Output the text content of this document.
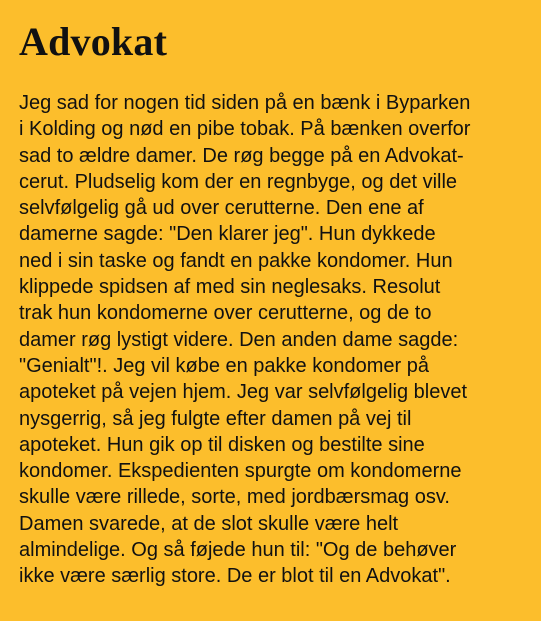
Advokat

Jeg sad for nogen tid siden på en bænk i Byparken
i Kolding og nød en pibe tobak. På bænken overfor
sad to ældre damer. De røg begge på en Advokat-
cerut. Pludselig kom der en regnbyge, og det ville
selvfølgelig gå ud over cerutterne. Den ene af
damerne sagde: "Den klarer jeg". Hun dykkede
ned i sin taske og fandt en pakke kondomer. Hun
klippede spidsen af med sin neglesaks. Resolut
trak hun kondomerne over cerutterne, og de to
damer røg lystigt videre. Den anden dame sagde:
"Genialt"!. Jeg vil købe en pakke kondomer på
apoteket på vejen hjem. Jeg var selvfølgelig blevet
nysgerrig, så jeg fulgte efter damen på vej til
apoteket. Hun gik op til disken og bestilte sine
kondomer. Ekspedienten spurgte om kondomerne
skulle være rillede, sorte, med jordbærsmag osv.
Damen svarede, at de slot skulle være helt
almindelige. Og så føjede hun til: "Og de behøver
ikke være særlig store. De er blot til en Advokat".
